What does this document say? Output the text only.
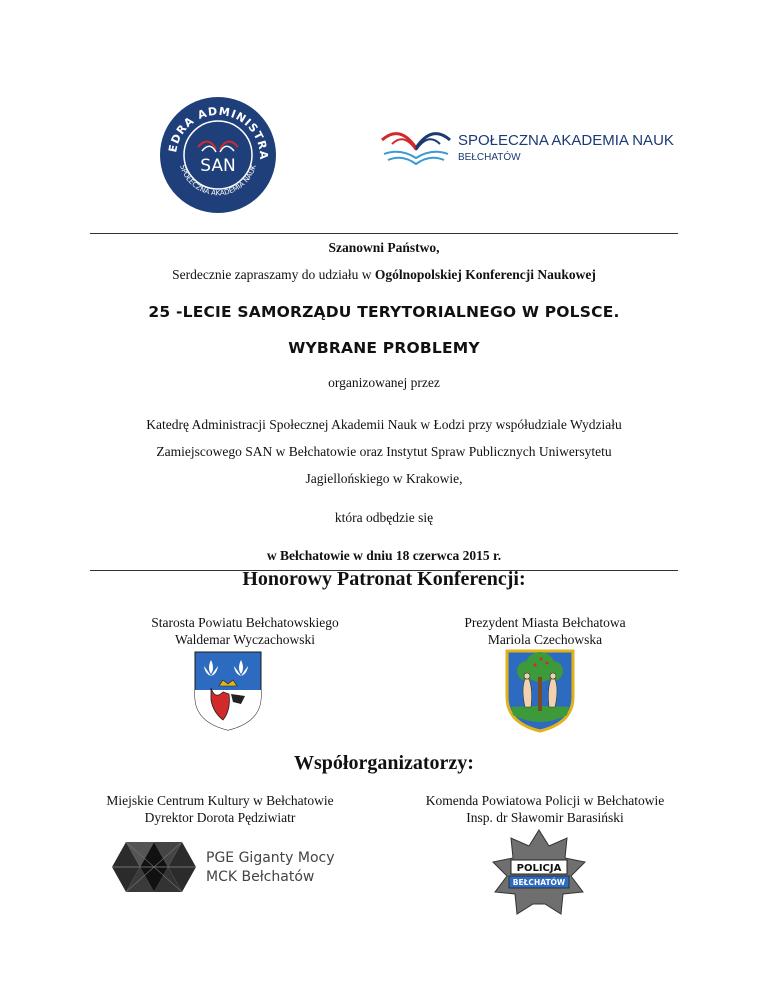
EDRA ADMINISTRA
SPOŁECZNA AKADEMIA NAUK
SAN
SPOŁECZNA AKADEMIA NAUK
BEŁCHATÓW
Szanowni Państwo,
Serdecznie zapraszamy do udziału w Ogólnopolskiej Konferencji Naukowej
25 -LECIE SAMORZĄDU TERYTORIALNEGO W POLSCE.
WYBRANE PROBLEMY
organizowanej przez
Katedrę Administracji Społecznej Akademii Nauk w Łodzi przy współudziale Wydziału
Zamiejscowego SAN w Bełchatowie oraz Instytut Spraw Publicznych Uniwersytetu
Jagiellońskiego w Krakowie,
która odbędzie się
w Bełchatowie w dniu 18 czerwca 2015 r.
Honorowy Patronat Konferencji:
Starosta Powiatu Bełchatowskiego
Waldemar Wyczachowski
Prezydent Miasta Bełchatowa
Mariola Czechowska
Współorganizatorzy:
Miejskie Centrum Kultury w Bełchatowie
Dyrektor Dorota Pędziwiatr
Komenda Powiatowa Policji w Bełchatowie
Insp. dr Sławomir Barasiński
PGE Giganty Mocy
MCK Bełchatów
POLICJA
BEŁCHATÓW
